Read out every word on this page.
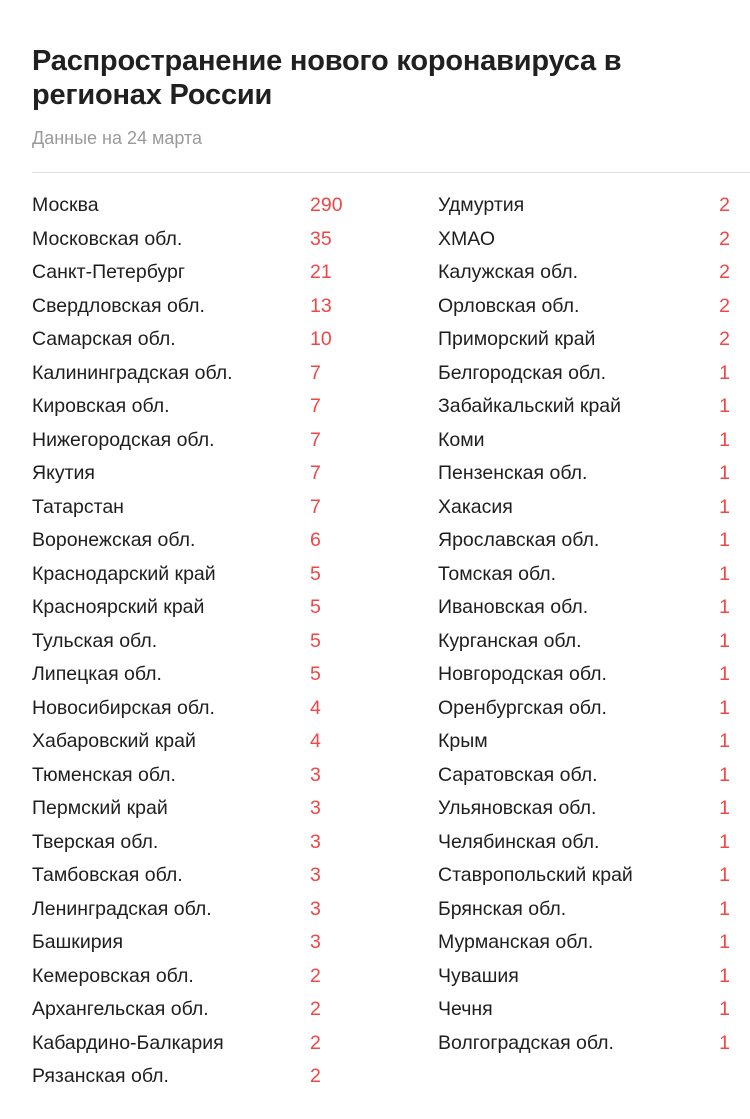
Распространение нового коронавируса в регионах России
Данные на 24 марта
Москва	290
Московская обл.	35
Санкт-Петербург	21
Свердловская обл.	13
Самарская обл.	10
Калининградская обл.	7
Кировская обл.	7
Нижегородская обл.	7
Якутия	7
Татарстан	7
Воронежская обл.	6
Краснодарский край	5
Красноярский край	5
Тульская обл.	5
Липецкая обл.	5
Новосибирская обл.	4
Хабаровский край	4
Тюменская обл.	3
Пермский край	3
Тверская обл.	3
Тамбовская обл.	3
Ленинградская обл.	3
Башкирия	3
Кемеровская обл.	2
Архангельская обл.	2
Кабардино-Балкария	2
Рязанская обл.	2
Удмуртия	2
ХМАО	2
Калужская обл.	2
Орловская обл.	2
Приморский край	2
Белгородская обл.	1
Забайкальский край	1
Коми	1
Пензенская обл.	1
Хакасия	1
Ярославская обл.	1
Томская обл.	1
Ивановская обл.	1
Курганская обл.	1
Новгородская обл.	1
Оренбургская обл.	1
Крым	1
Саратовская обл.	1
Ульяновская обл.	1
Челябинская обл.	1
Ставропольский край	1
Брянская обл.	1
Мурманская обл.	1
Чувашия	1
Чечня	1
Волгоградская обл.	1
